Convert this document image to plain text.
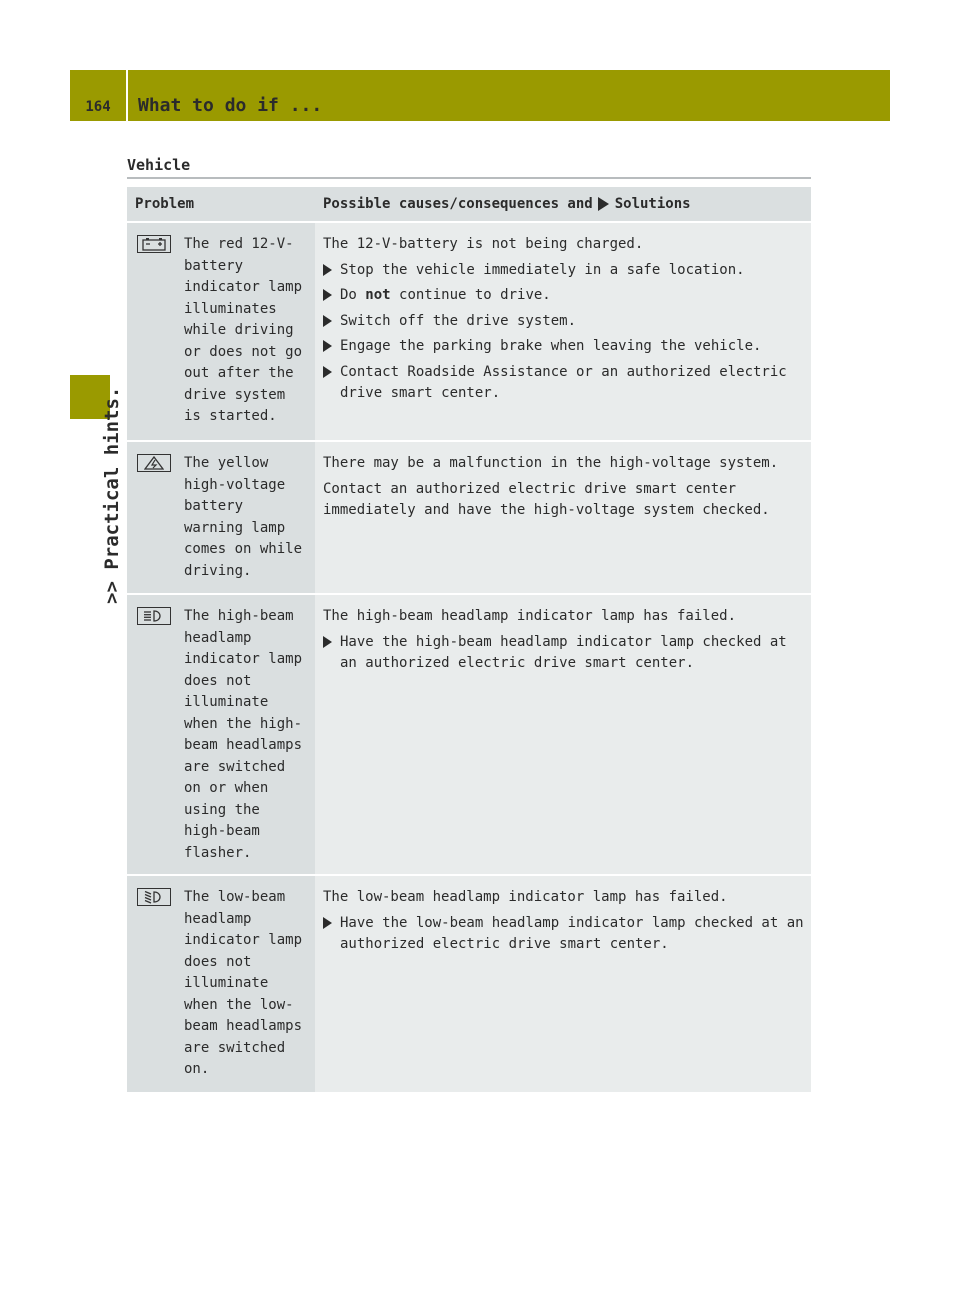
164	What to do if ...
>> Practical hints.
Vehicle
Problem	Possible causes/consequences and Solutions
The red 12-V-battery indicator lamp illuminates while driving or does not go out after the drive system is started.
The 12-V-battery is not being charged.
Stop the vehicle immediately in a safe location.
Do not continue to drive.
Switch off the drive system.
Engage the parking brake when leaving the vehicle.
Contact Roadside Assistance or an authorized electric drive smart center.
The yellow high-voltage battery warning lamp comes on while driving.
There may be a malfunction in the high-voltage system.
Contact an authorized electric drive smart center immediately and have the high-voltage system checked.
The high-beam headlamp indicator lamp does not illuminate when the high-beam headlamps are switched on or when using the high-beam flasher.
The high-beam headlamp indicator lamp has failed.
Have the high-beam headlamp indicator lamp checked at an authorized electric drive smart center.
The low-beam headlamp indicator lamp does not illuminate when the low-beam headlamps are switched on.
The low-beam headlamp indicator lamp has failed.
Have the low-beam headlamp indicator lamp checked at an authorized electric drive smart center.
